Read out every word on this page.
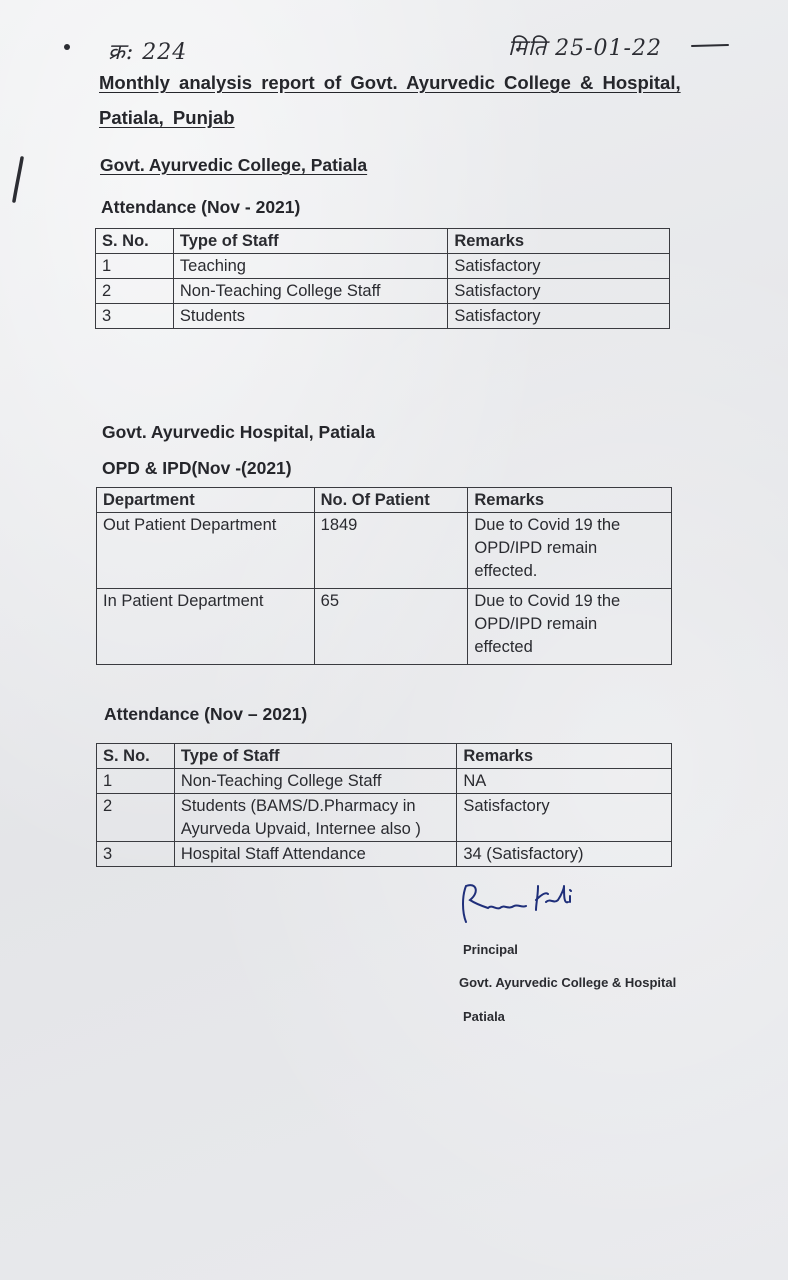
क्र: 224	मिति 25-01-22
Monthly analysis report of Govt. Ayurvedic College & Hospital,
Patiala, Punjab
Govt. Ayurvedic College, Patiala
Attendance (Nov - 2021)
S. No.	Type of Staff	Remarks
1	Teaching	Satisfactory
2	Non-Teaching College Staff	Satisfactory
3	Students	Satisfactory
Govt. Ayurvedic Hospital, Patiala
OPD & IPD(Nov -(2021)
Department	No. Of Patient	Remarks
Out Patient Department	1849	Due to Covid 19 the
OPD/IPD remain
effected.

In Patient Department	65	Due to Covid 19 the
OPD/IPD remain
effected
Attendance (Nov – 2021)
S. No.	Type of Staff	Remarks
1	Non-Teaching College Staff	NA
2	Students (BAMS/D.Pharmacy in
Ayurveda Upvaid, Internee also )	Satisfactory
3	Hospital Staff Attendance	34 (Satisfactory)
Principal
Govt. Ayurvedic College & Hospital
Patiala
